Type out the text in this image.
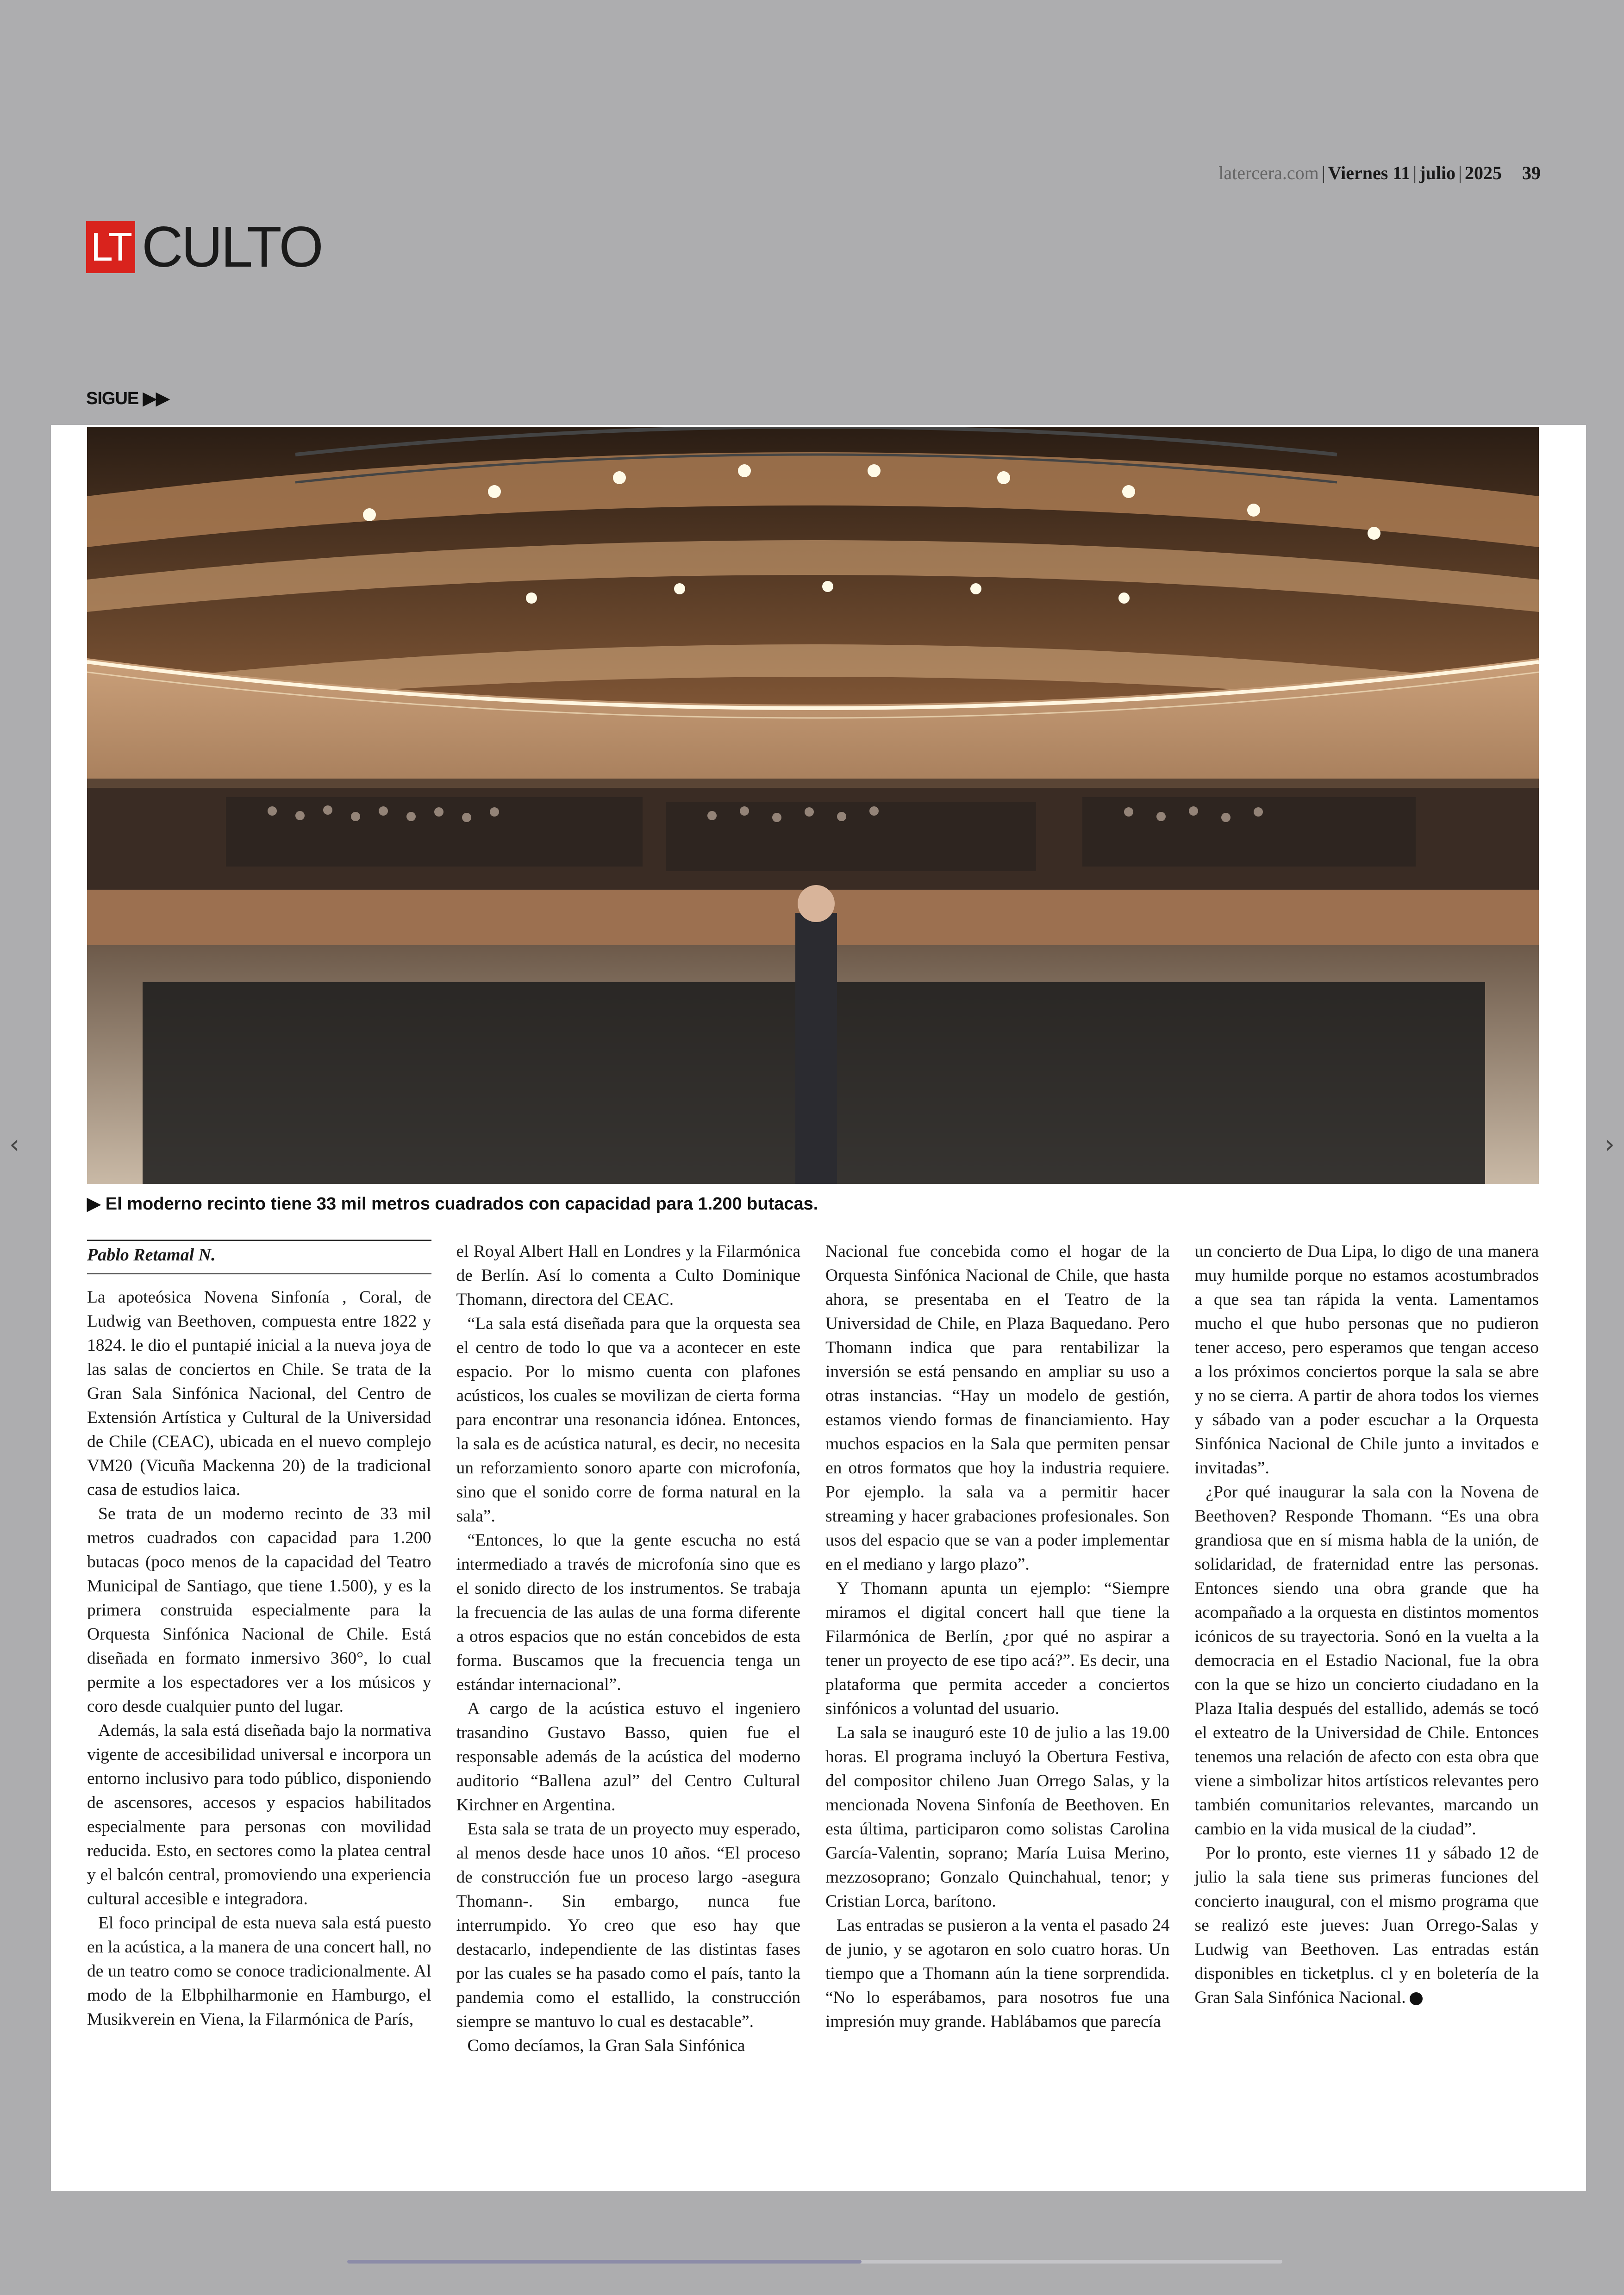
latercera.com | Viernes 11 | julio | 2025 39
LT CULTO
SIGUE ▶▶
▶ El moderno recinto tiene 33 mil metros cuadrados con capacidad para 1.200 butacas.
Pablo Retamal N.

La apoteósica Novena Sinfonía , Coral, de Ludwig van Beethoven, compuesta entre 1822 y 1824. le dio el puntapié inicial a la nueva joya de las salas de conciertos en Chile. Se trata de la Gran Sala Sinfónica Nacional, del Centro de Extensión Artística y Cultural de la Universidad de Chile (CEAC), ubicada en el nuevo complejo VM20 (Vicuña Mackenna 20) de la tradicional casa de estudios laica.

Se trata de un moderno recinto de 33 mil metros cuadrados con capacidad para 1.200 butacas (poco menos de la capacidad del Teatro Municipal de Santiago, que tiene 1.500), y es la primera construida especialmente para la Orquesta Sinfónica Nacional de Chile. Está diseñada en formato inmersivo 360°, lo cual permite a los espectadores ver a los músicos y coro desde cualquier punto del lugar.

Además, la sala está diseñada bajo la normativa vigente de accesibilidad universal e incorpora un entorno inclusivo para todo público, disponiendo de ascensores, accesos y espacios habilitados especialmente para personas con movilidad reducida. Esto, en sectores como la platea central y el balcón central, promoviendo una experiencia cultural accesible e integradora.

El foco principal de esta nueva sala está puesto en la acústica, a la manera de una concert hall, no de un teatro como se conoce tradicionalmente. Al modo de la Elbphilharmonie en Hamburgo, el Musikverein en Viena, la Filarmónica de París,

el Royal Albert Hall en Londres y la Filarmónica de Berlín. Así lo comenta a Culto Dominique Thomann, directora del CEAC.

“La sala está diseñada para que la orquesta sea el centro de todo lo que va a acontecer en este espacio. Por lo mismo cuenta con plafones acústicos, los cuales se movilizan de cierta forma para encontrar una resonancia idónea. Entonces, la sala es de acústica natural, es decir, no necesita un reforzamiento sonoro aparte con microfonía, sino que el sonido corre de forma natural en la sala”.

“Entonces, lo que la gente escucha no está intermediado a través de microfonía sino que es el sonido directo de los instrumentos. Se trabaja la frecuencia de las aulas de una forma diferente a otros espacios que no están concebidos de esta forma. Buscamos que la frecuencia tenga un estándar internacional”.

A cargo de la acústica estuvo el ingeniero trasandino Gustavo Basso, quien fue el responsable además de la acústica del moderno auditorio “Ballena azul” del Centro Cultural Kirchner en Argentina.

Esta sala se trata de un proyecto muy esperado, al menos desde hace unos 10 años. “El proceso de construcción fue un proceso largo -asegura Thomann-. Sin embargo, nunca fue interrumpido. Yo creo que eso hay que destacarlo, independiente de las distintas fases por las cuales se ha pasado como el país, tanto la pandemia como el estallido, la construcción siempre se mantuvo lo cual es destacable”.

Como decíamos, la Gran Sala Sinfónica

Nacional fue concebida como el hogar de la Orquesta Sinfónica Nacional de Chile, que hasta ahora, se presentaba en el Teatro de la Universidad de Chile, en Plaza Baquedano. Pero Thomann indica que para rentabilizar la inversión se está pensando en ampliar su uso a otras instancias. “Hay un modelo de gestión, estamos viendo formas de financiamiento. Hay muchos espacios en la Sala que permiten pensar en otros formatos que hoy la industria requiere. Por ejemplo. la sala va a permitir hacer streaming y hacer grabaciones profesionales. Son usos del espacio que se van a poder implementar en el mediano y largo plazo”.

Y Thomann apunta un ejemplo: “Siempre miramos el digital concert hall que tiene la Filarmónica de Berlín, ¿por qué no aspirar a tener un proyecto de ese tipo acá?”. Es decir, una plataforma que permita acceder a conciertos sinfónicos a voluntad del usuario.

La sala se inauguró este 10 de julio a las 19.00 horas. El programa incluyó la Obertura Festiva, del compositor chileno Juan Orrego Salas, y la mencionada Novena Sinfonía de Beethoven. En esta última, participaron como solistas Carolina García-Valentin, soprano; María Luisa Merino, mezzosoprano; Gonzalo Quinchahual, tenor; y Cristian Lorca, barítono.

Las entradas se pusieron a la venta el pasado 24 de junio, y se agotaron en solo cuatro horas. Un tiempo que a Thomann aún la tiene sorprendida. “No lo esperábamos, para nosotros fue una impresión muy grande. Hablábamos que parecía

un concierto de Dua Lipa, lo digo de una manera muy humilde porque no estamos acostumbrados a que sea tan rápida la venta. Lamentamos mucho el que hubo personas que no pudieron tener acceso, pero esperamos que tengan acceso a los próximos conciertos porque la sala se abre y no se cierra. A partir de ahora todos los viernes y sábado van a poder escuchar a la Orquesta Sinfónica Nacional de Chile junto a invitados e invitadas”.

¿Por qué inaugurar la sala con la Novena de Beethoven? Responde Thomann. “Es una obra grandiosa que en sí misma habla de la unión, de solidaridad, de fraternidad entre las personas. Entonces siendo una obra grande que ha acompañado a la orquesta en distintos momentos icónicos de su trayectoria. Sonó en la vuelta a la democracia en el Estadio Nacional, fue la obra con la que se hizo un concierto ciudadano en la Plaza Italia después del estallido, además se tocó el exteatro de la Universidad de Chile. Entonces tenemos una relación de afecto con esta obra que viene a simbolizar hitos artísticos relevantes pero también comunitarios relevantes, marcando un cambio en la vida musical de la ciudad”.

Por lo pronto, este viernes 11 y sábado 12 de julio la sala tiene sus primeras funciones del concierto inaugural, con el mismo programa que se realizó este jueves: Juan Orrego-Salas y Ludwig van Beethoven. Las entradas están disponibles en ticketplus. cl y en boletería de la Gran Sala Sinfónica Nacional.

‹	›
